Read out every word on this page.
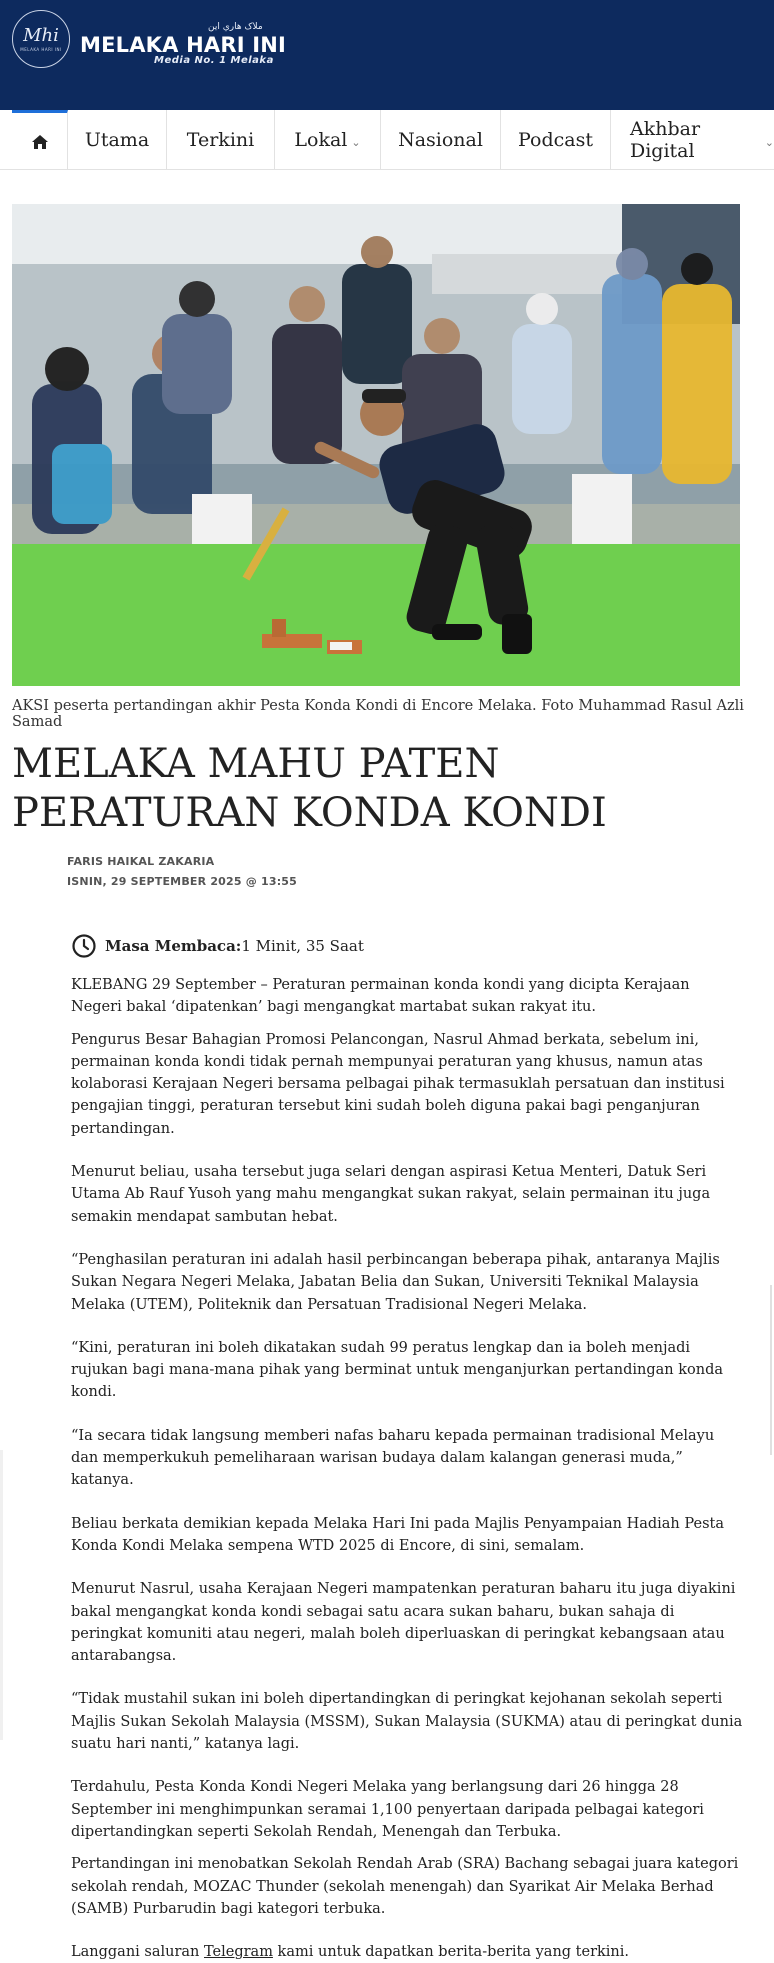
Mhi
MELAKA HARI INI
ملاک هاري اين
MELAKA HARI INI
Media No. 1 Melaka
Utama Terkini Lokal ⌄ Nasional Podcast Akhbar Digital	⌄
AKSI peserta pertandingan akhir Pesta Konda Kondi di Encore Melaka. Foto Muhammad Rasul Azli Samad
MELAKA MAHU PATEN PERATURAN KONDA KONDI
FARIS HAIKAL ZAKARIA
ISNIN, 29 SEPTEMBER 2025 @ 13:55
Masa Membaca: 1 Minit, 35 Saat

KLEBANG 29 September – Peraturan permainan konda kondi yang dicipta Kerajaan Negeri bakal ‘dipatenkan’ bagi mengangkat martabat sukan rakyat itu.

Pengurus Besar Bahagian Promosi Pelancongan, Nasrul Ahmad berkata, sebelum ini, permainan konda kondi tidak pernah mempunyai peraturan yang khusus, namun atas kolaborasi Kerajaan Negeri bersama pelbagai pihak termasuklah persatuan dan institusi pengajian tinggi, peraturan tersebut kini sudah boleh diguna pakai bagi penganjuran pertandingan.

Menurut beliau, usaha tersebut juga selari dengan aspirasi Ketua Menteri, Datuk Seri Utama Ab Rauf Yusoh yang mahu mengangkat sukan rakyat, selain permainan itu juga semakin mendapat sambutan hebat.

“Penghasilan peraturan ini adalah hasil perbincangan beberapa pihak, antaranya Majlis Sukan Negara Negeri Melaka, Jabatan Belia dan Sukan, Universiti Teknikal Malaysia Melaka (UTEM), Politeknik dan Persatuan Tradisional Negeri Melaka.

“Kini, peraturan ini boleh dikatakan sudah 99 peratus lengkap dan ia boleh menjadi rujukan bagi mana-mana pihak yang berminat untuk menganjurkan pertandingan konda kondi.

“Ia secara tidak langsung memberi nafas baharu kepada permainan tradisional Melayu dan memperkukuh pemeliharaan warisan budaya dalam kalangan generasi muda,” katanya.

Beliau berkata demikian kepada Melaka Hari Ini pada Majlis Penyampaian Hadiah Pesta Konda Kondi Melaka sempena WTD 2025 di Encore, di sini, semalam.

Menurut Nasrul, usaha Kerajaan Negeri mampatenkan peraturan baharu itu juga diyakini bakal mengangkat konda kondi sebagai satu acara sukan baharu, bukan sahaja di peringkat komuniti atau negeri, malah boleh diperluaskan di peringkat kebangsaan atau antarabangsa.

“Tidak mustahil sukan ini boleh dipertandingkan di peringkat kejohanan sekolah seperti Majlis Sukan Sekolah Malaysia (MSSM), Sukan Malaysia (SUKMA) atau di peringkat dunia suatu hari nanti,” katanya lagi.

Terdahulu, Pesta Konda Kondi Negeri Melaka yang berlangsung dari 26 hingga 28 September ini menghimpunkan seramai 1,100 penyertaan daripada pelbagai kategori dipertandingkan seperti Sekolah Rendah, Menengah dan Terbuka.

Pertandingan ini menobatkan Sekolah Rendah Arab (SRA) Bachang sebagai juara kategori sekolah rendah, MOZAC Thunder (sekolah menengah) dan Syarikat Air Melaka Berhad (SAMB) Purbarudin bagi kategori terbuka.

Langgani saluran Telegram kami untuk dapatkan berita-berita yang terkini.
